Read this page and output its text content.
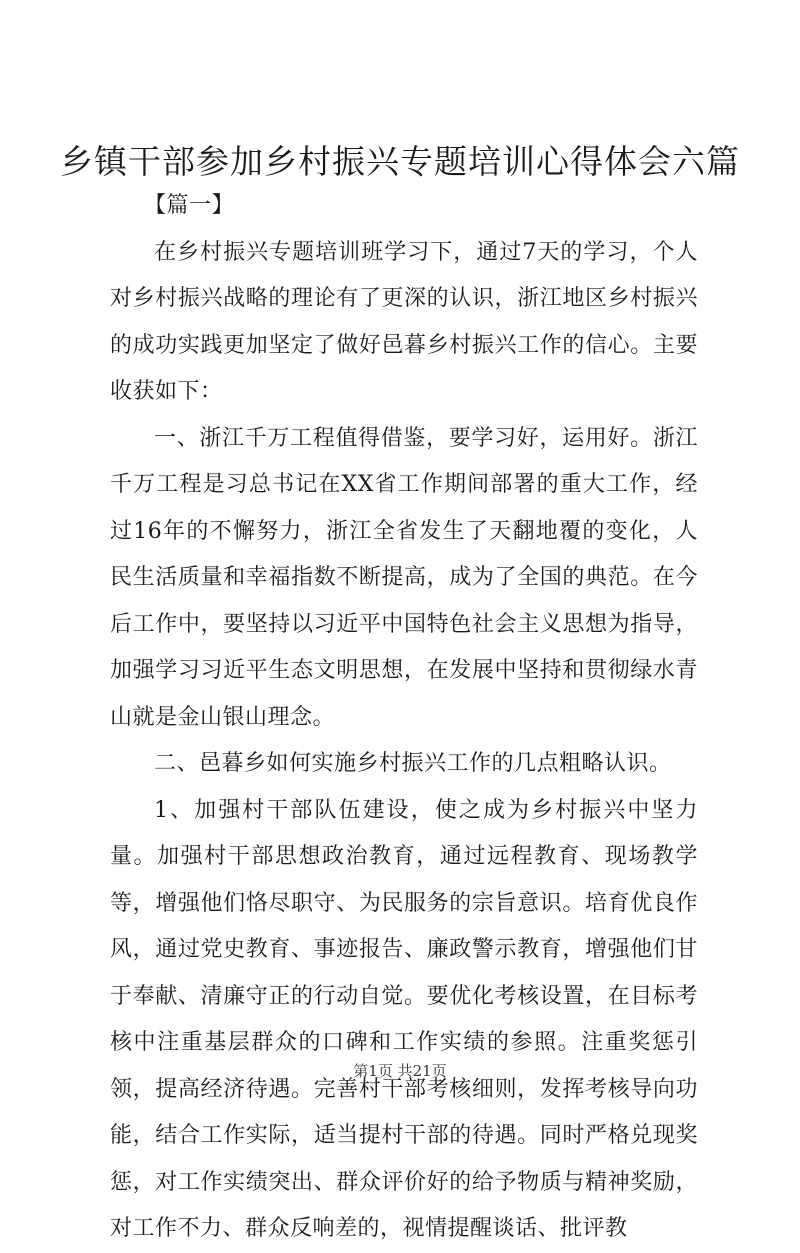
乡镇干部参加乡村振兴专题培训心得体会六篇

【篇一】

在乡村振兴专题培训班学习下，通过7天的学习，个人对乡村振兴战略的理论有了更深的认识，浙江地区乡村振兴的成功实践更加坚定了做好邑暮乡村振兴工作的信心。主要收获如下：

一、浙江千万工程值得借鉴，要学习好，运用好。浙江千万工程是习总书记在XX省工作期间部署的重大工作，经过16年的不懈努力，浙江全省发生了天翻地覆的变化，人民生活质量和幸福指数不断提高，成为了全国的典范。在今后工作中，要坚持以习近平中国特色社会主义思想为指导，加强学习习近平生态文明思想，在发展中坚持和贯彻绿水青山就是金山银山理念。

二、邑暮乡如何实施乡村振兴工作的几点粗略认识。

1、加强村干部队伍建设，使之成为乡村振兴中坚力量。加强村干部思想政治教育，通过远程教育、现场教学等，增强他们恪尽职守、为民服务的宗旨意识。培育优良作风，通过党史教育、事迹报告、廉政警示教育，增强他们甘于奉献、清廉守正的行动自觉。要优化考核设置，在目标考核中注重基层群众的口碑和工作实绩的参照。注重奖惩引领，提高经济待遇。完善村干部考核细则，发挥考核导向功能，结合工作实际，适当提村干部的待遇。同时严格兑现奖惩，对工作实绩突出、群众评价好的给予物质与精神奖励，对工作不力、群众反响差的，视情提醒谈话、批评教

第1页 共21页
